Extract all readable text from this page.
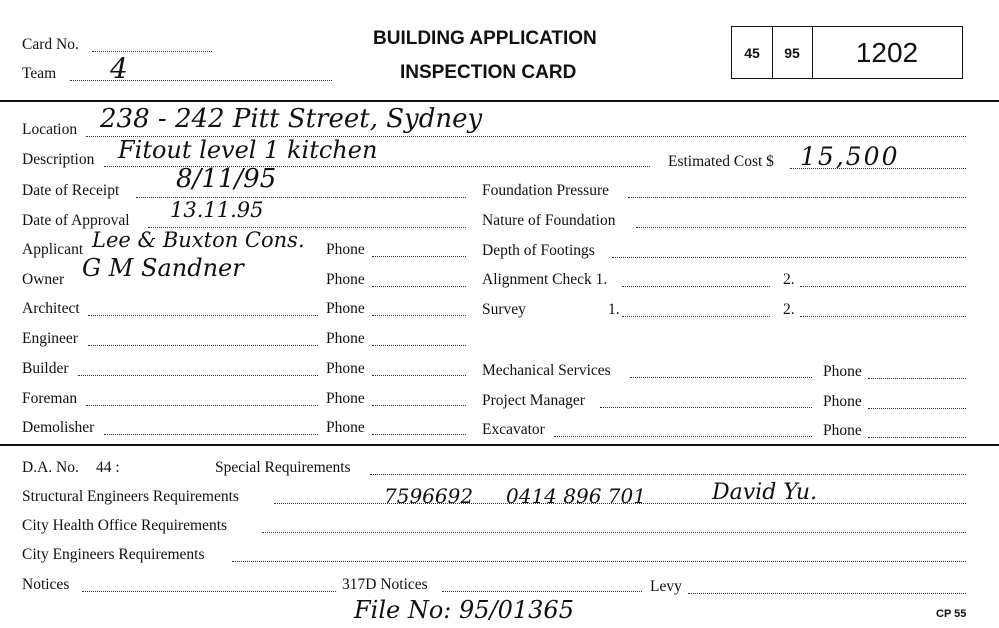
Card No.
Team 4
BUILDING APPLICATION
INSPECTION CARD
45	95	1202
Location 238 - 242 Pitt Street, Sydney
Description Fitout level 1 kitchen	Estimated Cost $ 15,500
Date of Receipt 8/11/95
Date of Approval 13.11.95
Applicant Lee & Buxton Cons. Phone
Owner G M Sandner	Phone
Architect	Phone
Engineer	Phone
Builder	Phone
Foreman	Phone
Demolisher	Phone
Foundation Pressure
Nature of Foundation
Depth of Footings
Alignment Check 1.	2.
Survey	1.	2.
Mechanical Services	Phone
Project Manager	Phone
Excavator	Phone
D.A. No. 44 :	Special Requirements
Structural Engineers Requirements	7596692 0414 896 701	David Yu.
City Health Office Requirements
City Engineers Requirements
Notices	317D Notices	Levy
File No: 95/01365	CP 55
